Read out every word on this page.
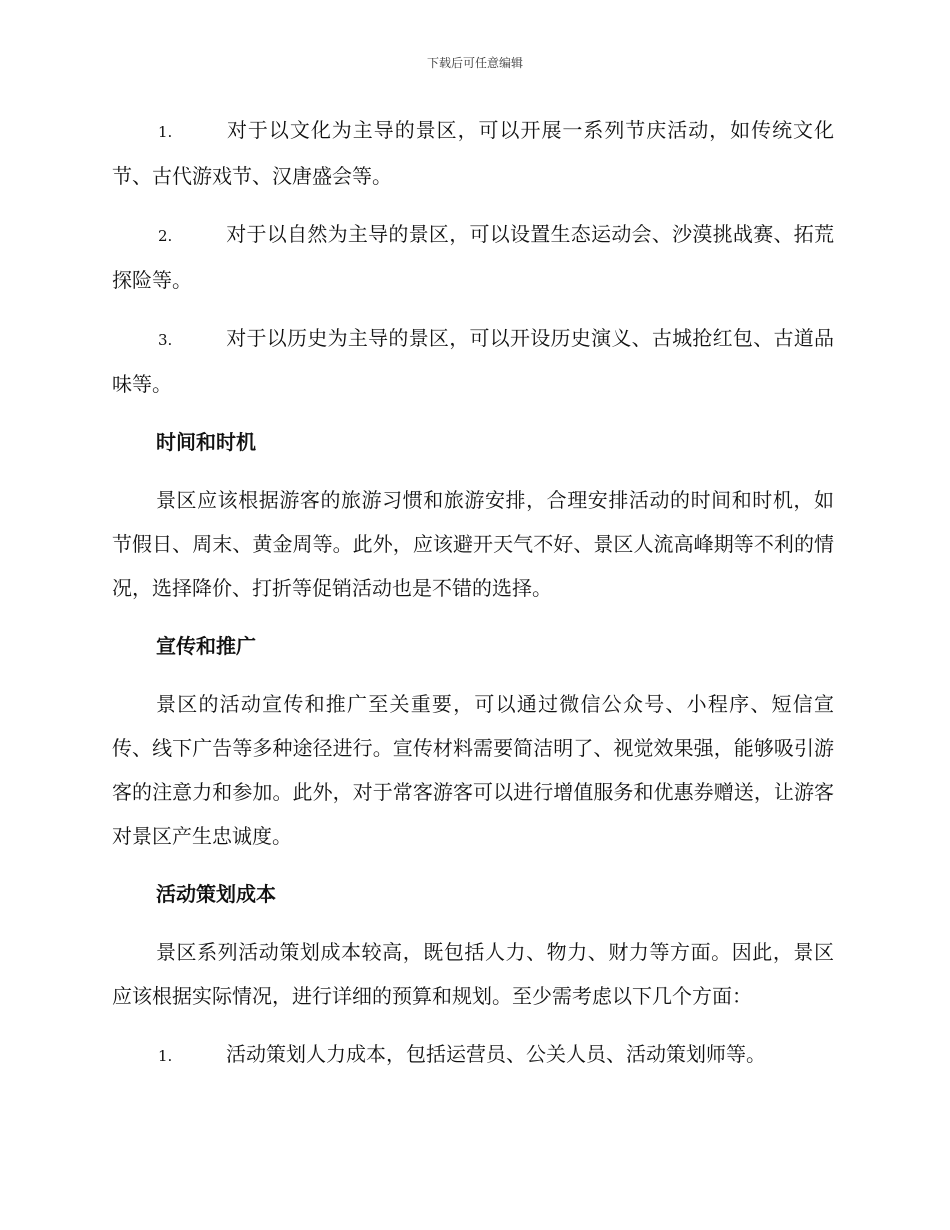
下载后可任意编辑
1.	对于以文化为主导的景区，可以开展一系列节庆活动，如传统文化节、古代游戏节、汉唐盛会等。
2.	对于以自然为主导的景区，可以设置生态运动会、沙漠挑战赛、拓荒探险等。
3.	对于以历史为主导的景区，可以开设历史演义、古城抢红包、古道品味等。
时间和时机
景区应该根据游客的旅游习惯和旅游安排，合理安排活动的时间和时机，如节假日、周末、黄金周等。此外，应该避开天气不好、景区人流高峰期等不利的情况，选择降价、打折等促销活动也是不错的选择。
宣传和推广
景区的活动宣传和推广至关重要，可以通过微信公众号、小程序、短信宣传、线下广告等多种途径进行。宣传材料需要简洁明了、视觉效果强，能够吸引游客的注意力和参加。此外，对于常客游客可以进行增值服务和优惠券赠送，让游客对景区产生忠诚度。
活动策划成本
景区系列活动策划成本较高，既包括人力、物力、财力等方面。因此，景区应该根据实际情况，进行详细的预算和规划。至少需考虑以下几个方面：
1.	活动策划人力成本，包括运营员、公关人员、活动策划师等。
